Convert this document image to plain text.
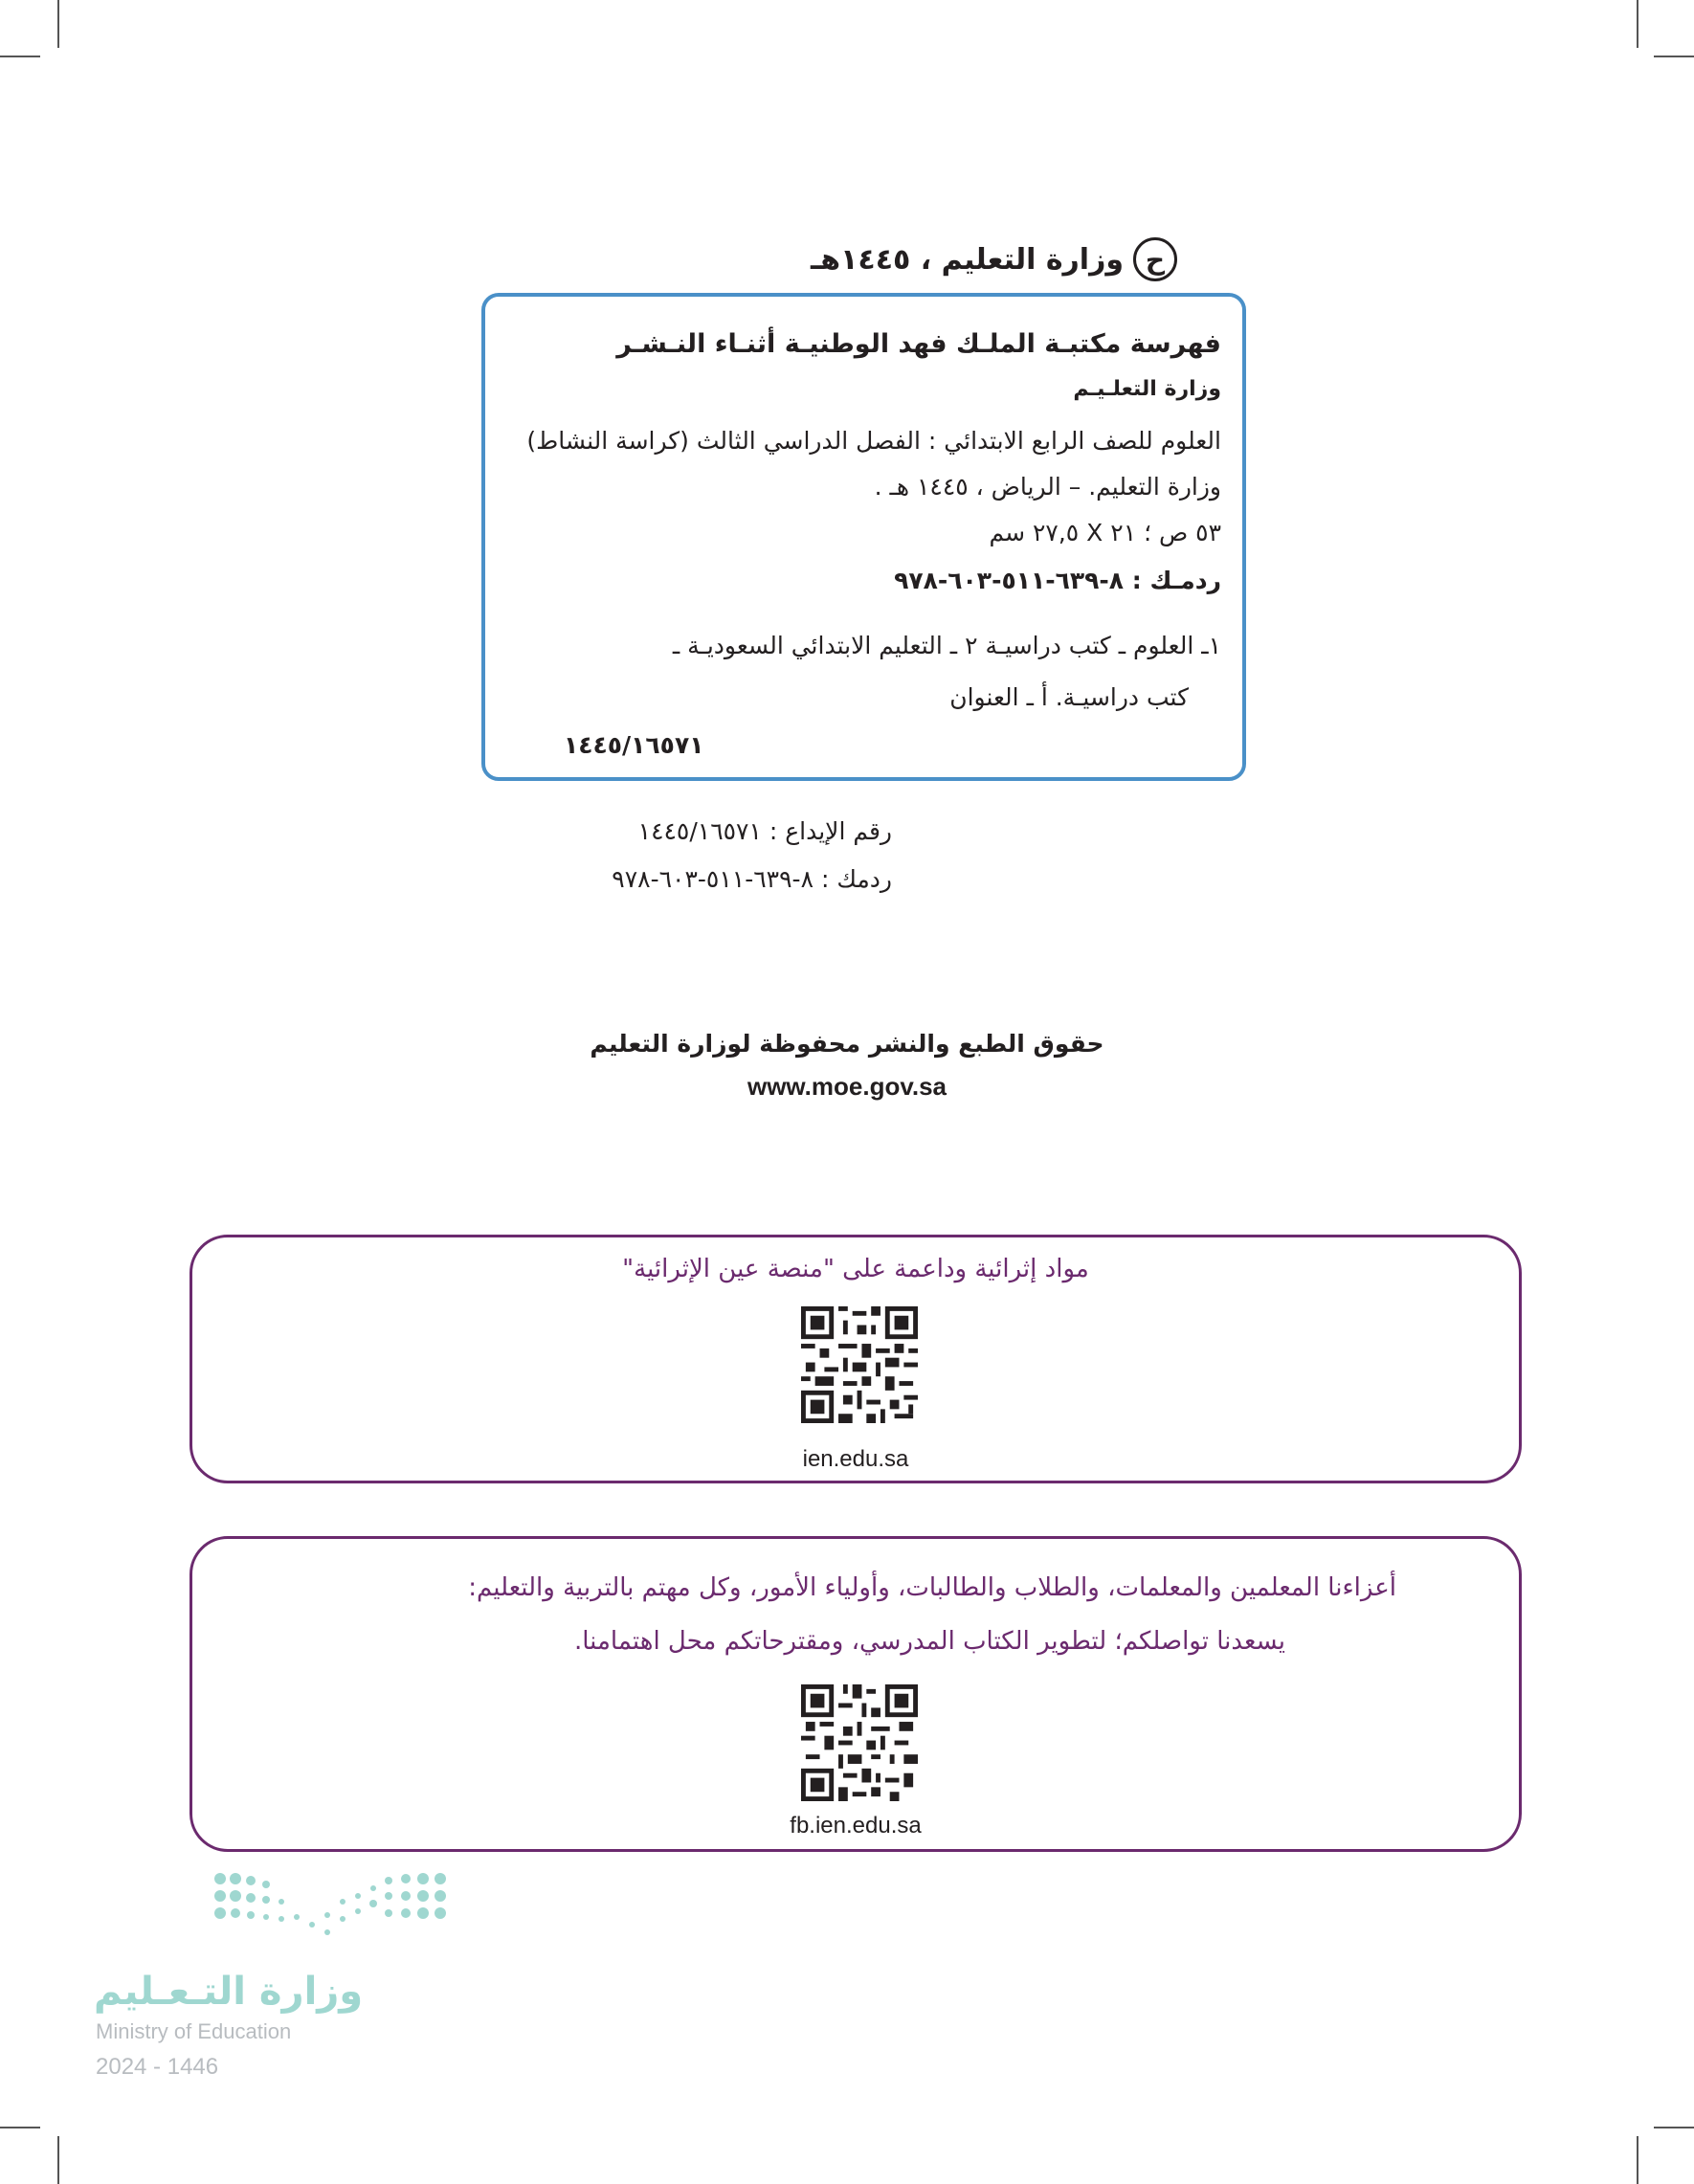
ح
وزارة التعليم ، ١٤٤٥هـ
فهرسة مكتبـة الملـك فهد الوطنيـة أثنـاء النـشـر
وزارة التعلـيـم
العلوم للصف الرابع الابتدائي : الفصل الدراسي الثالث (كراسة النشاط)
وزارة التعليم. – الرياض ، ١٤٤٥ هـ .
٥٣ ص ؛ ٢١ X ٢٧,٥ سم
ردمـك : ٨-٦٣٩-٥١١-٦٠٣-٩٧٨
١ـ العلوم ـ كتب دراسيـة ٢ ـ التعليم الابتدائي السعوديـة ـ
كتب دراسيـة. أ ـ العنوان
١٤٤٥/١٦٥٧١
رقم الإيداع : ١٤٤٥/١٦٥٧١
ردمك : ٨-٦٣٩-٥١١-٦٠٣-٩٧٨
حقوق الطبع والنشر محفوظة لوزارة التعليم
www.moe.gov.sa
مواد إثرائية وداعمة على "منصة عين الإثرائية"
ien.edu.sa
أعزاءنا المعلمين والمعلمات، والطلاب والطالبات، وأولياء الأمور، وكل مهتم بالتربية والتعليم:
يسعدنا تواصلكم؛ لتطوير الكتاب المدرسي، ومقترحاتكم محل اهتمامنا.
fb.ien.edu.sa
وزارة التـعـليم
Ministry of Education
2024 - 1446
